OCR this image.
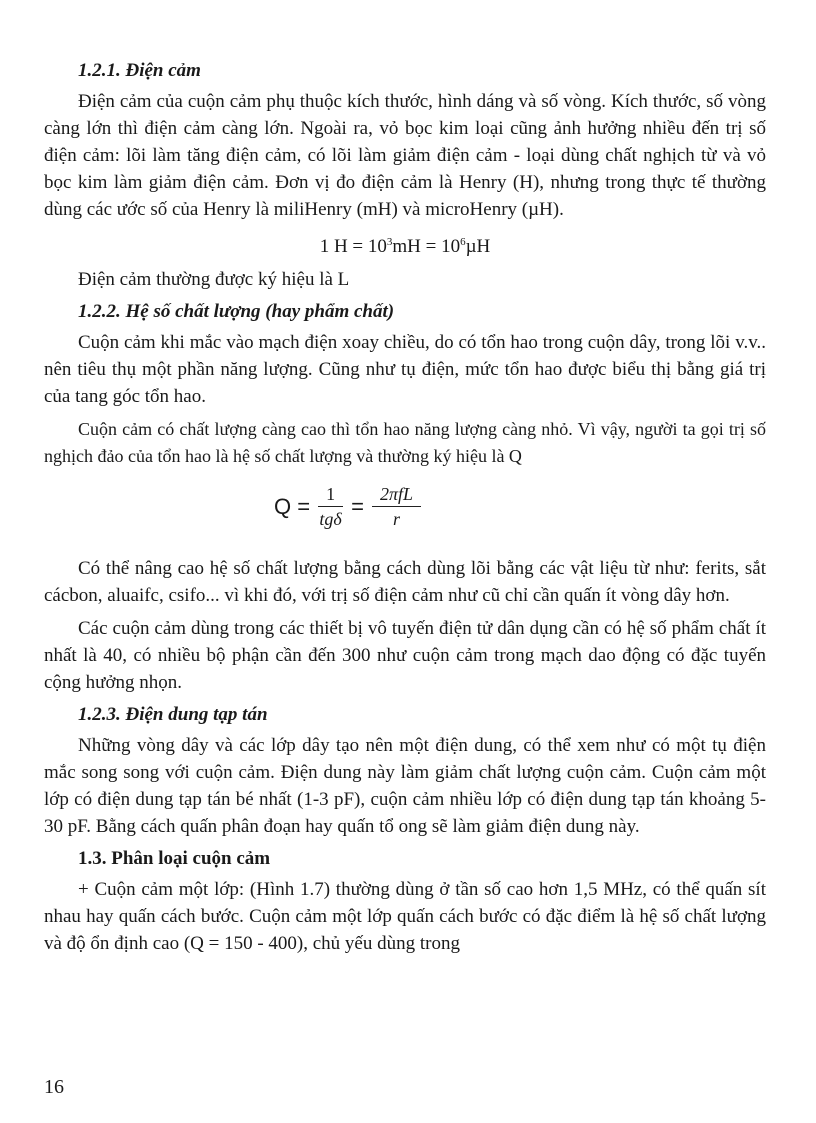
1.2.1. Điện cảm

Điện cảm của cuộn cảm phụ thuộc kích thước, hình dáng và số vòng. Kích thước, số vòng càng lớn thì điện cảm càng lớn. Ngoài ra, vỏ bọc kim loại cũng ảnh hưởng nhiều đến trị số điện cảm: lõi làm tăng điện cảm, có lõi làm giảm điện cảm - loại dùng chất nghịch từ và vỏ bọc kim làm giảm điện cảm. Đơn vị đo điện cảm là Henry (H), nhưng trong thực tế thường dùng các ước số của Henry là miliHenry (mH) và microHenry (µH).

1 $H = 10^3mH = 10^6\mu H$

Điện cảm thường được ký hiệu là L

1.2.2. Hệ số chất lượng (hay phẩm chất)

Cuộn cảm khi mắc vào mạch điện xoay chiều, do có tổn hao trong cuộn dây, trong lõi v.v.. nên tiêu thụ một phần năng lượng. Cũng như tụ điện, mức tổn hao được biểu thị bằng giá trị của tang góc tổn hao.

Cuộn cảm có chất lượng càng cao thì tổn hao năng lượng càng nhỏ. Vì vậy, người ta gọi trị số nghịch đảo của tổn hao là hệ số chất lượng và thường ký hiệu là Q

$Q = \frac{1}{\text{tgδ}} = \frac{\text{2πfL}}{r}$

Có thể nâng cao hệ số chất lượng bằng cách dùng lõi bằng các vật liệu từ như: ferits, sắt cácbon, aluaifc, csifo... vì khi đó, với trị số điện cảm như cũ chỉ cần quấn ít vòng dây hơn.

Các cuộn cảm dùng trong các thiết bị vô tuyến điện tử dân dụng cần có hệ số phẩm chất ít nhất là 40, có nhiều bộ phận cần đến 300 như cuộn cảm trong mạch dao động có đặc tuyến cộng hưởng nhọn.

1.2.3. Điện dung tạp tán

Những vòng dây và các lớp dây tạo nên một điện dung, có thể xem như có một tụ điện mắc song song với cuộn cảm. Điện dung này làm giảm chất lượng cuộn cảm. Cuộn cảm một lớp có điện dung tạp tán bé nhất (1-3 pF), cuộn cảm nhiều lớp có điện dung tạp tán khoảng 5-30 pF. Bằng cách quấn phân đoạn hay quấn tổ ong sẽ làm giảm điện dung này.

1.3. Phân loại cuộn cảm

+ Cuộn cảm một lớp: (Hình 1.7) thường dùng ở tần số cao hơn 1,5 MHz, có thể quấn sít nhau hay quấn cách bước. Cuộn cảm một lớp quấn cách bước có đặc điểm là hệ số chất lượng và độ ổn định cao (Q = 150 - 400), chủ yếu dùng trong

16
